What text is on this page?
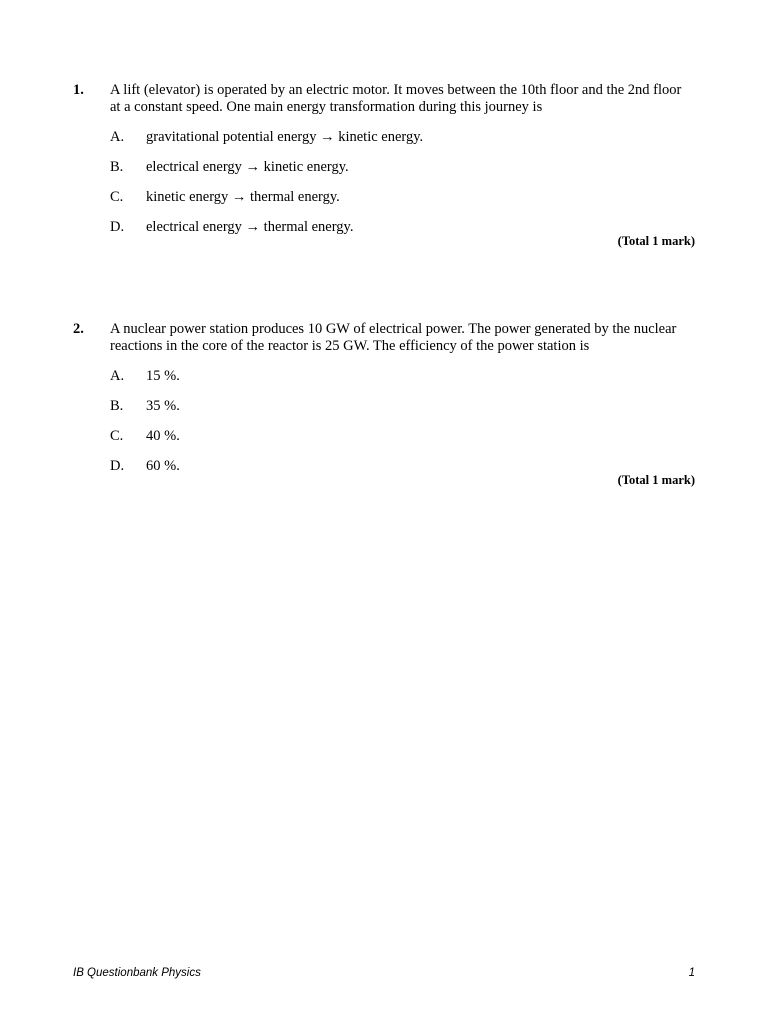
1. A lift (elevator) is operated by an electric motor. It moves between the 10th floor and the 2nd floor at a constant speed. One main energy transformation during this journey is
A. gravitational potential energy → kinetic energy.
B. electrical energy → kinetic energy.
C. kinetic energy → thermal energy.
D. electrical energy → thermal energy.
(Total 1 mark)
2. A nuclear power station produces 10 GW of electrical power. The power generated by the nuclear reactions in the core of the reactor is 25 GW. The efficiency of the power station is
A. 15 %.
B. 35 %.
C. 40 %.
D. 60 %.
(Total 1 mark)
IB Questionbank Physics	1
